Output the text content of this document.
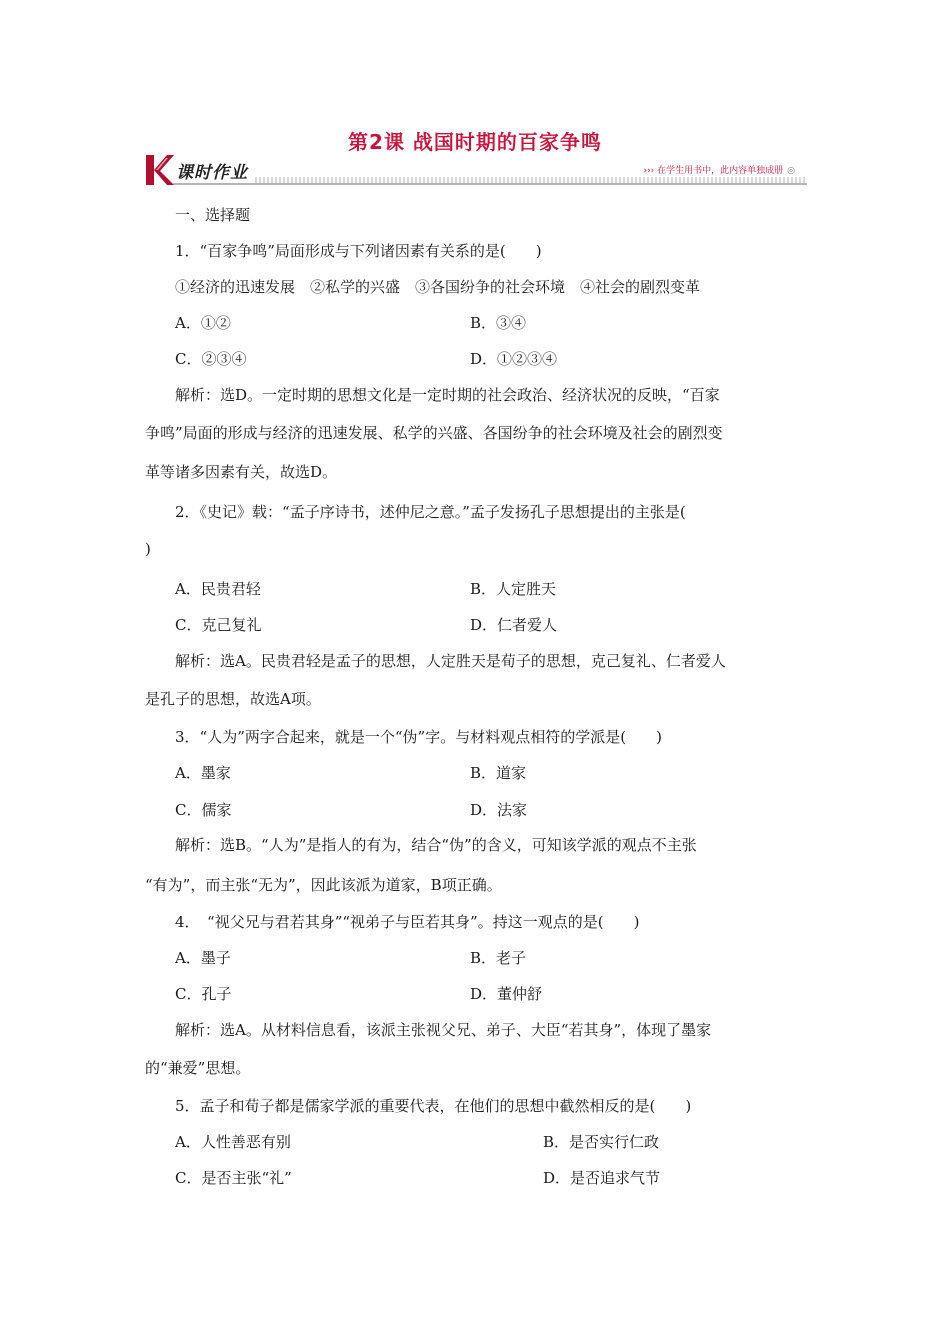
第2课 战国时期的百家争鸣
课时作业	››› 在学生用书中，此内容单独成册 ◎
一、选择题
1．“百家争鸣”局面形成与下列诸因素有关系的是(　　)
①经济的迅速发展　②私学的兴盛　③各国纷争的社会环境　④社会的剧烈变革
A．①②	B．③④
C．②③④	D．①②③④
解析：选D。一定时期的思想文化是一定时期的社会政治、经济状况的反映，“百家
争鸣”局面的形成与经济的迅速发展、私学的兴盛、各国纷争的社会环境及社会的剧烈变
革等诸多因素有关，故选D。
2．《史记》载：“孟子序诗书，述仲尼之意。”孟子发扬孔子思想提出的主张是(
)
A．民贵君轻	B．人定胜天
C．克己复礼	D．仁者爱人
解析：选A。民贵君轻是孟子的思想，人定胜天是荀子的思想，克己复礼、仁者爱人
是孔子的思想，故选A项。
3．“人为”两字合起来，就是一个“伪”字。与材料观点相符的学派是(　　)
A．墨家	B．道家
C．儒家	D．法家
解析：选B。“人为”是指人的有为，结合“伪”的含义，可知该学派的观点不主张
“有为”，而主张“无为”，因此该派为道家，B项正确。
4．　“视父兄与君若其身”“视弟子与臣若其身”。持这一观点的是(　　)
A．墨子	B．老子
C．孔子	D．董仲舒
解析：选A。从材料信息看，该派主张视父兄、弟子、大臣“若其身”，体现了墨家
的“兼爱”思想。
5．孟子和荀子都是儒家学派的重要代表，在他们的思想中截然相反的是(　　)
A．人性善恶有别	B．是否实行仁政
C．是否主张“礼”	D．是否追求气节
